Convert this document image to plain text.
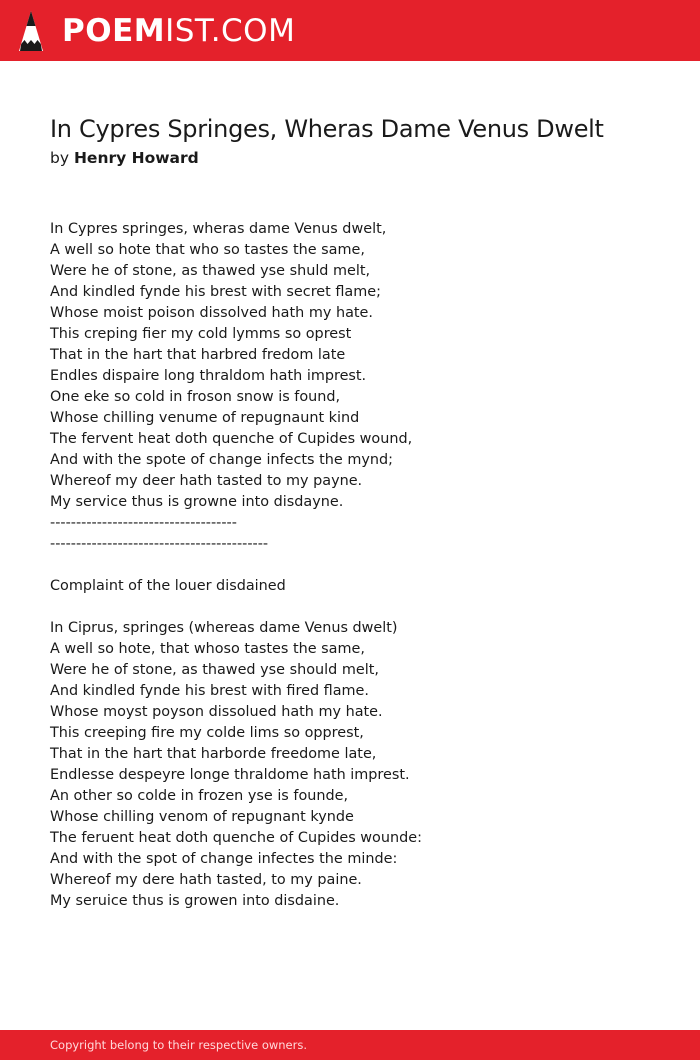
POEMIST.COM
In Cypres Springes, Wheras Dame Venus Dwelt
by Henry Howard
In Cypres springes, wheras dame Venus dwelt,
A well so hote that who so tastes the same,
Were he of stone, as thawed yse shuld melt,
And kindled fynde his brest with secret flame;
Whose moist poison dissolved hath my hate.
This creping fier my cold lymms so oprest
That in the hart that harbred fredom late
Endles dispaire long thraldom hath imprest.
One eke so cold in froson snow is found,
Whose chilling venume of repugnaunt kind
The fervent heat doth quenche of Cupides wound,
And with the spote of change infects the mynd;
Whereof my deer hath tasted to my payne.
My service thus is growne into disdayne.
------------------------------------
------------------------------------------
Complaint of the louer disdained
In Ciprus, springes (whereas dame Venus dwelt)
A well so hote, that whoso tastes the same,
Were he of stone, as thawed yse should melt,
And kindled fynde his brest with fired flame.
Whose moyst poyson dissolued hath my hate.
This creeping fire my colde lims so opprest,
That in the hart that harborde freedome late,
Endlesse despeyre longe thraldome hath imprest.
An other so colde in frozen yse is founde,
Whose chilling venom of repugnant kynde
The feruent heat doth quenche of Cupides wounde:
And with the spot of change infectes the minde:
Whereof my dere hath tasted, to my paine.
My seruice thus is growen into disdaine.
Copyright belong to their respective owners.
